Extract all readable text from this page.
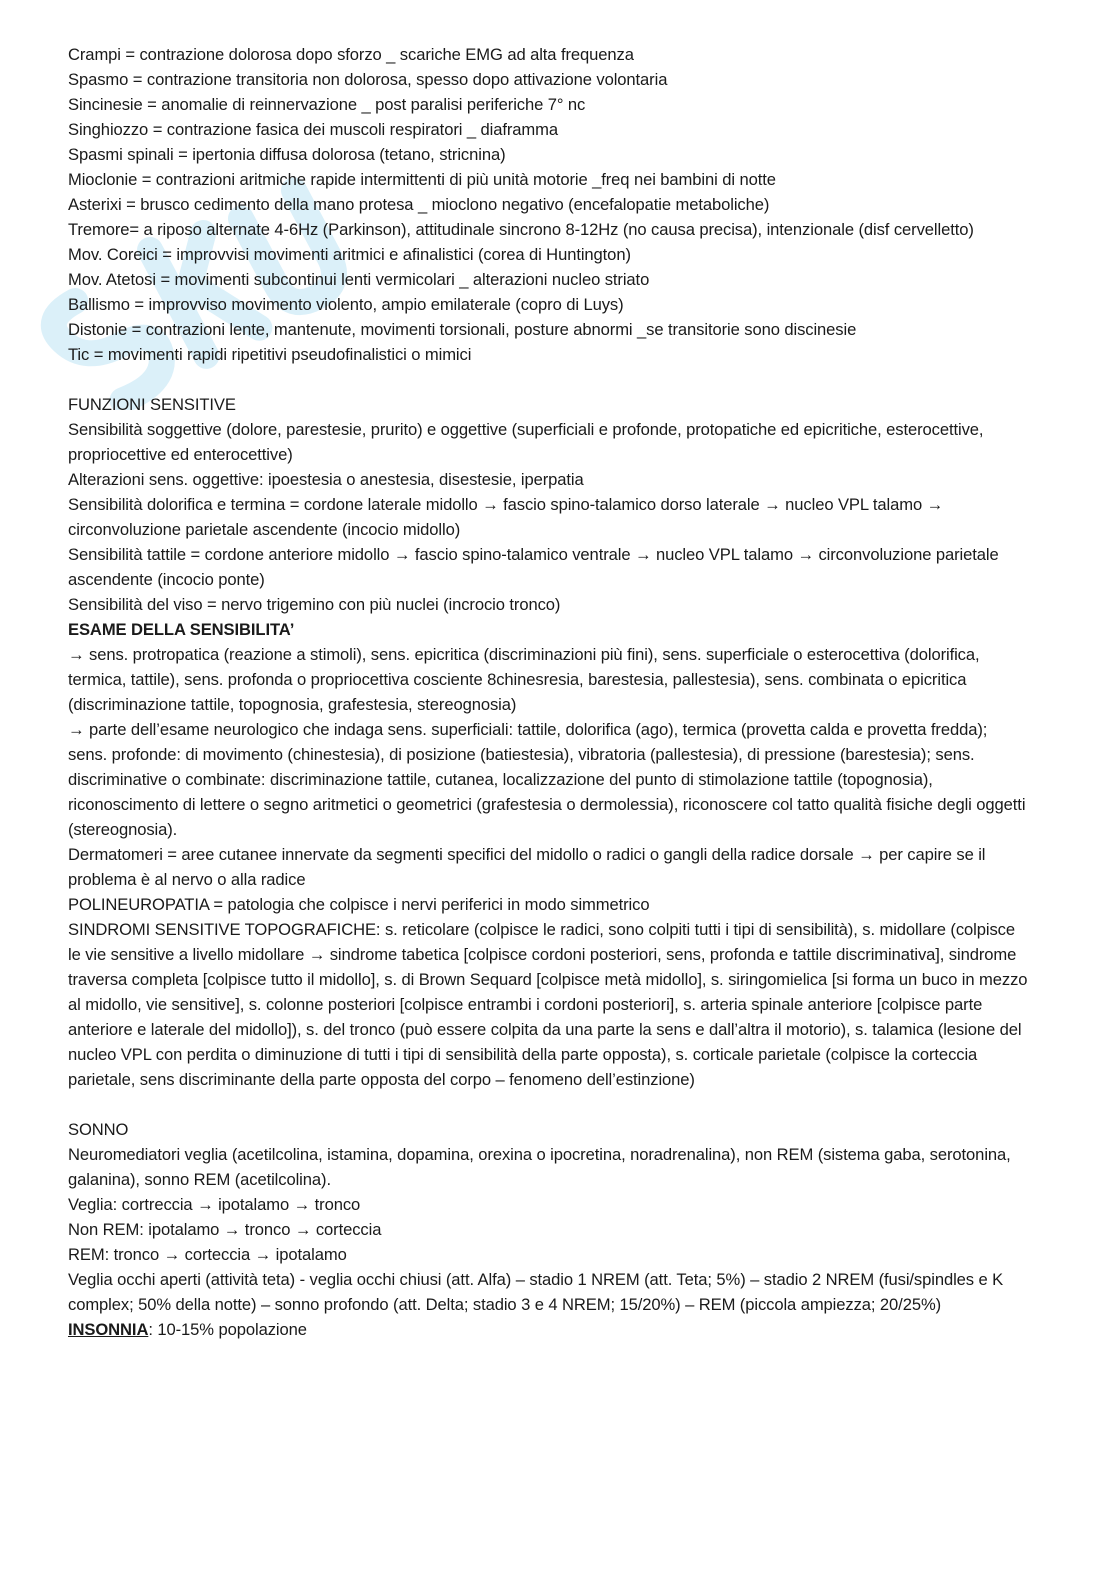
Crampi = contrazione dolorosa dopo sforzo _ scariche EMG ad alta frequenza
Spasmo = contrazione transitoria non dolorosa, spesso dopo attivazione volontaria
Sincinesie = anomalie di reinnervazione _ post paralisi periferiche 7° nc
Singhiozzo = contrazione fasica dei muscoli respiratori _ diaframma
Spasmi spinali = ipertonia diffusa dolorosa (tetano, stricnina)
Mioclonie = contrazioni aritmiche rapide intermittenti di più unità motorie _freq nei bambini di notte
Asterixi = brusco cedimento della mano protesa _ mioclono negativo (encefalopatie metaboliche)
Tremore= a riposo alternate 4-6Hz (Parkinson), attitudinale sincrono 8-12Hz (no causa precisa), intenzionale (disf cervelletto)
Mov. Coreici = improvvisi movimenti aritmici e afinalistici (corea di Huntington)
Mov. Atetosi = movimenti subcontinui lenti vermicolari _ alterazioni nucleo striato
Ballismo = improvviso movimento violento, ampio emilaterale (copro di Luys)
Distonie = contrazioni lente, mantenute, movimenti torsionali, posture abnormi _se transitorie sono discinesie
Tic = movimenti rapidi ripetitivi pseudofinalistici o mimici
FUNZIONI SENSITIVE
Sensibilità soggettive (dolore, parestesie, prurito) e oggettive (superficiali e profonde, protopatiche ed epicritiche, esterocettive, propriocettive ed enterocettive)
Alterazioni sens. oggettive: ipoestesia o anestesia, disestesie, iperpatia
Sensibilità dolorifica e termina = cordone laterale midollo → fascio spino-talamico dorso laterale → nucleo VPL talamo → circonvoluzione parietale ascendente (incocio midollo)
Sensibilità tattile = cordone anteriore midollo → fascio spino-talamico ventrale → nucleo VPL talamo → circonvoluzione parietale ascendente (incocio ponte)
Sensibilità del viso = nervo trigemino con più nuclei (incrocio tronco)
ESAME DELLA SENSIBILITA’
→ sens. protropatica (reazione a stimoli), sens. epicritica (discriminazioni più fini), sens. superficiale o esterocettiva (dolorifica, termica, tattile), sens. profonda o propriocettiva cosciente 8chinesresia, barestesia, pallestesia), sens. combinata o epicritica (discriminazione tattile, topognosia, grafestesia, stereognosia)
→ parte dell’esame neurologico che indaga sens. superficiali: tattile, dolorifica (ago), termica (provetta calda e provetta fredda); sens. profonde: di movimento (chinestesia), di posizione (batiestesia), vibratoria (pallestesia), di pressione (barestesia); sens. discriminative o combinate: discriminazione tattile, cutanea, localizzazione del punto di stimolazione tattile (topognosia), riconoscimento di lettere o segno aritmetici o geometrici (grafestesia o dermolessia), riconoscere col tatto qualità fisiche degli oggetti (stereognosia).
Dermatomeri = aree cutanee innervate da segmenti specifici del midollo o radici o gangli della radice dorsale → per capire se il problema è al nervo o alla radice
POLINEUROPATIA = patologia che colpisce i nervi periferici in modo simmetrico
SINDROMI SENSITIVE TOPOGRAFICHE: s. reticolare (colpisce le radici, sono colpiti tutti i tipi di sensibilità), s. midollare (colpisce le vie sensitive a livello midollare → sindrome tabetica [colpisce cordoni posteriori, sens, profonda e tattile discriminativa], sindrome traversa completa [colpisce tutto il midollo], s. di Brown Sequard [colpisce metà midollo], s. siringomielica [si forma un buco in mezzo al midollo, vie sensitive], s. colonne posteriori [colpisce entrambi i cordoni posteriori], s. arteria spinale anteriore [colpisce parte anteriore e laterale del midollo]), s. del tronco (può essere colpita da una parte la sens e dall’altra il motorio), s. talamica (lesione del nucleo VPL con perdita o diminuzione di tutti i tipi di sensibilità della parte opposta), s. corticale parietale (colpisce la corteccia parietale, sens discriminante della parte opposta del corpo – fenomeno dell’estinzione)
SONNO
Neuromediatori veglia (acetilcolina, istamina, dopamina, orexina o ipocretina, noradrenalina), non REM (sistema gaba, serotonina, galanina), sonno REM (acetilcolina).
Veglia: cortreccia → ipotalamo → tronco
Non REM: ipotalamo → tronco → corteccia
REM: tronco → corteccia → ipotalamo
Veglia occhi aperti (attività teta) - veglia occhi chiusi (att. Alfa) – stadio 1 NREM (att. Teta; 5%) – stadio 2 NREM (fusi/spindles e K complex; 50% della notte) – sonno profondo (att. Delta; stadio 3 e 4 NREM; 15/20%) – REM (piccola ampiezza; 20/25%)
INSONNIA: 10-15% popolazione
